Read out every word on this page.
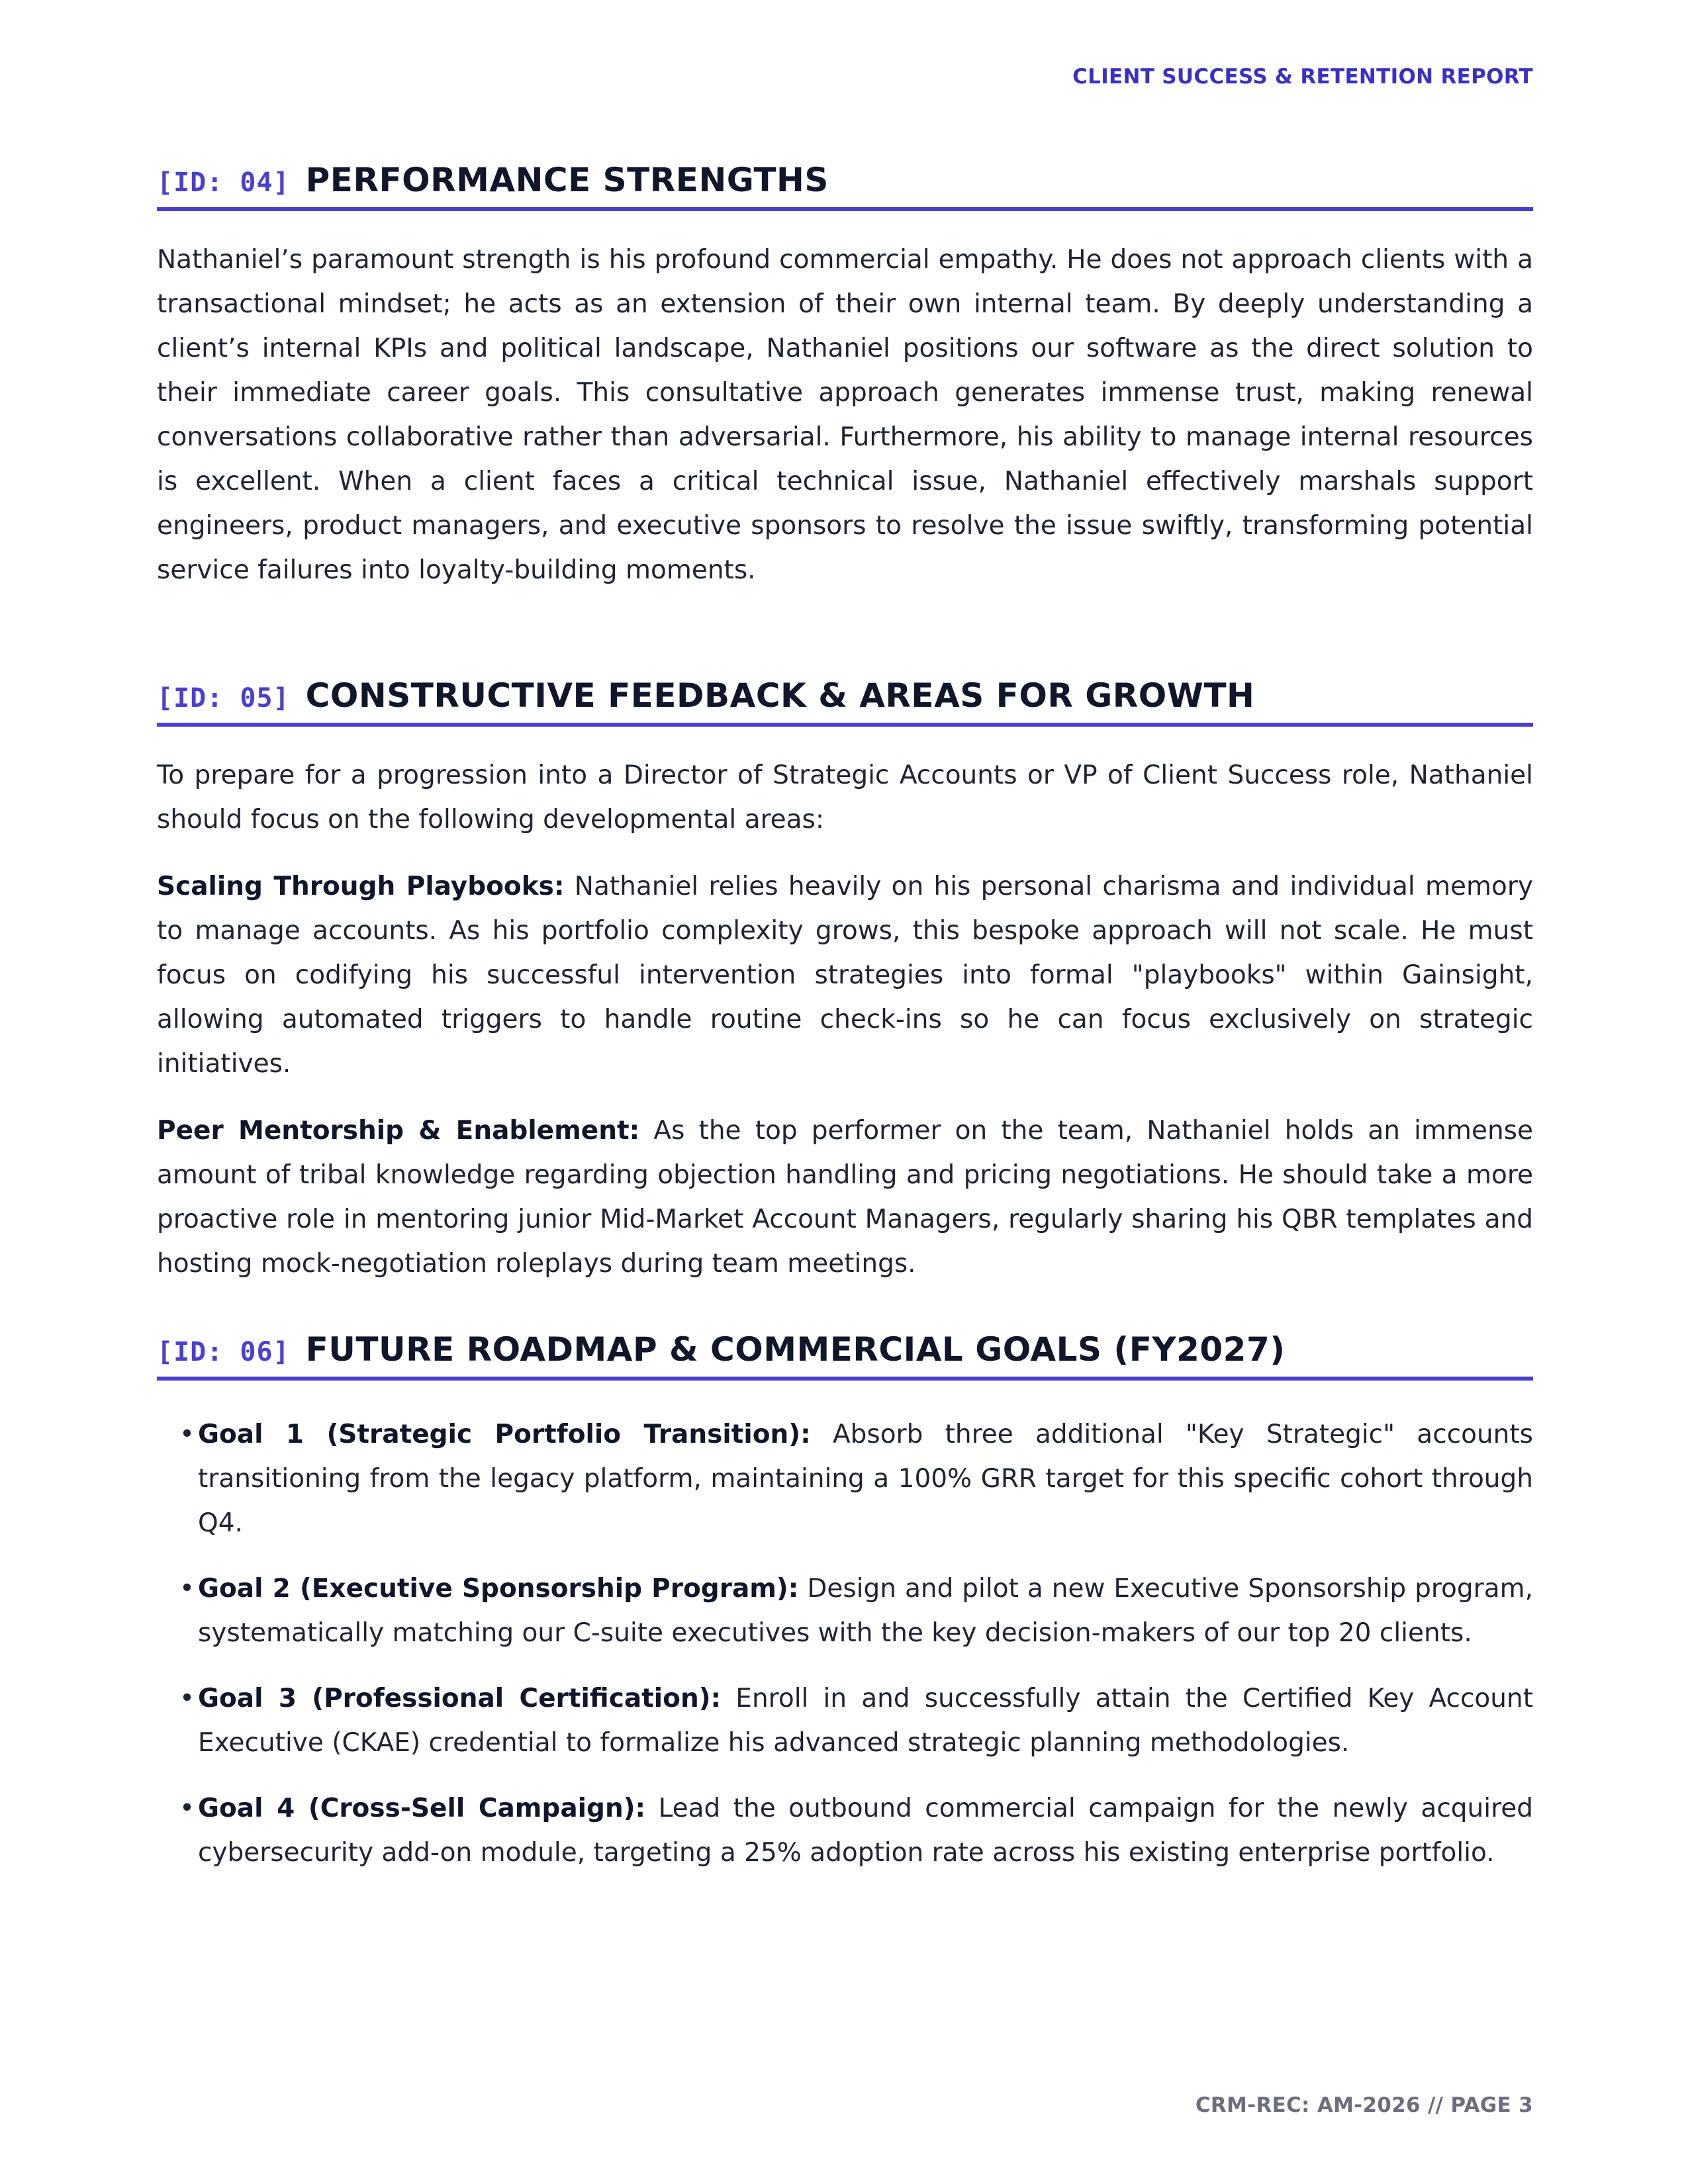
CLIENT SUCCESS & RETENTION REPORT
[ID: 04] PERFORMANCE STRENGTHS

Nathaniel’s paramount strength is his profound commercial empathy. He does not approach clients with a transactional mindset; he acts as an extension of their own internal team. By deeply understanding a client’s internal KPIs and political landscape, Nathaniel positions our software as the direct solution to their immediate career goals. This consultative approach generates immense trust, making renewal conversations collaborative rather than adversarial. Furthermore, his ability to manage internal resources is excellent. When a client faces a critical technical issue, Nathaniel effectively marshals support engineers, product managers, and executive sponsors to resolve the issue swiftly, transforming potential service failures into loyalty-building moments.

[ID: 05] CONSTRUCTIVE FEEDBACK & AREAS FOR GROWTH

To prepare for a progression into a Director of Strategic Accounts or VP of Client Success role, Nathaniel should focus on the following developmental areas:

Scaling Through Playbooks: Nathaniel relies heavily on his personal charisma and individual memory to manage accounts. As his portfolio complexity grows, this bespoke approach will not scale. He must focus on codifying his successful intervention strategies into formal "playbooks" within Gainsight, allowing automated triggers to handle routine check-ins so he can focus exclusively on strategic initiatives.

Peer Mentorship & Enablement: As the top performer on the team, Nathaniel holds an immense amount of tribal knowledge regarding objection handling and pricing negotiations. He should take a more proactive role in mentoring junior Mid-Market Account Managers, regularly sharing his QBR templates and hosting mock-negotiation roleplays during team meetings.

[ID: 06] FUTURE ROADMAP & COMMERCIAL GOALS (FY2027)
• Goal 1 (Strategic Portfolio Transition): Absorb three additional "Key Strategic" accounts transitioning from the legacy platform, maintaining a 100% GRR target for this specific cohort through Q4.
• Goal 2 (Executive Sponsorship Program): Design and pilot a new Executive Sponsorship program, systematically matching our C-suite executives with the key decision-makers of our top 20 clients.
• Goal 3 (Professional Certification): Enroll in and successfully attain the Certified Key Account Executive (CKAE) credential to formalize his advanced strategic planning methodologies.
• Goal 4 (Cross-Sell Campaign): Lead the outbound commercial campaign for the newly acquired cybersecurity add-on module, targeting a 25% adoption rate across his existing enterprise portfolio.
CRM-REC: AM-2026 // PAGE 3
